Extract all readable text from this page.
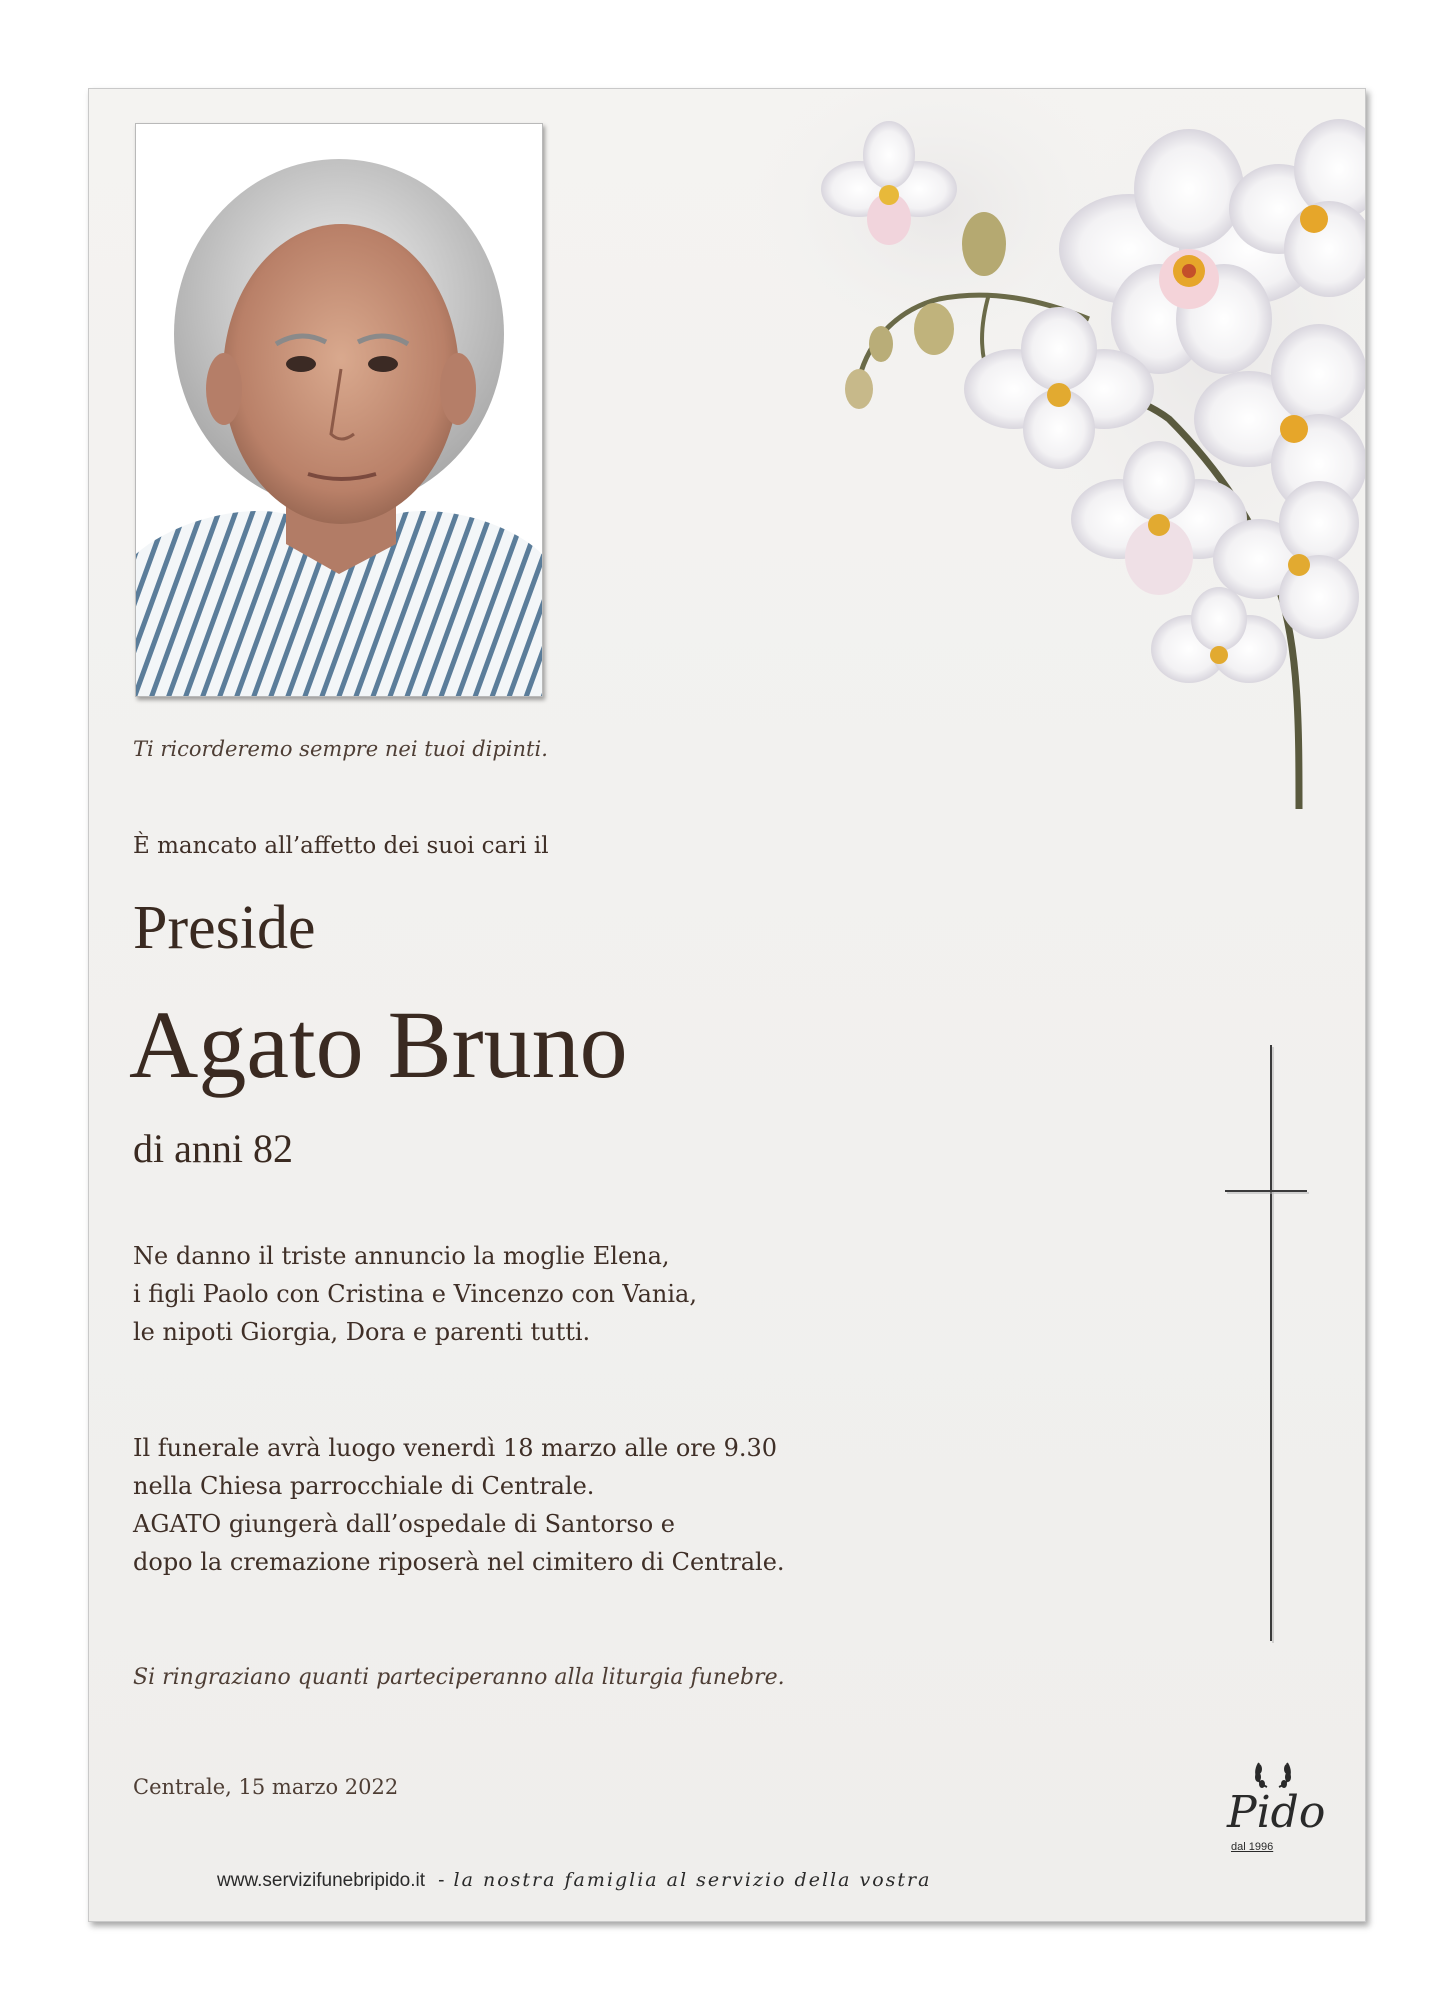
Ti ricorderemo sempre nei tuoi dipinti.
È mancato all’affetto dei suoi cari il
Preside
Agato Bruno
di anni 82
Ne danno il triste annuncio la moglie Elena,
i figli Paolo con Cristina e Vincenzo con Vania,
le nipoti Giorgia, Dora e parenti tutti.
Il funerale avrà luogo venerdì 18 marzo alle ore 9.30
nella Chiesa parrocchiale di Centrale.
AGATO giungerà dall’ospedale di Santorso e
dopo la cremazione riposerà nel cimitero di Centrale.
Si ringraziano quanti parteciperanno alla liturgia funebre.
Centrale, 15 marzo 2022	Pido
dal 1996
www.servizifunebripido.it - la nostra famiglia al servizio della vostra
